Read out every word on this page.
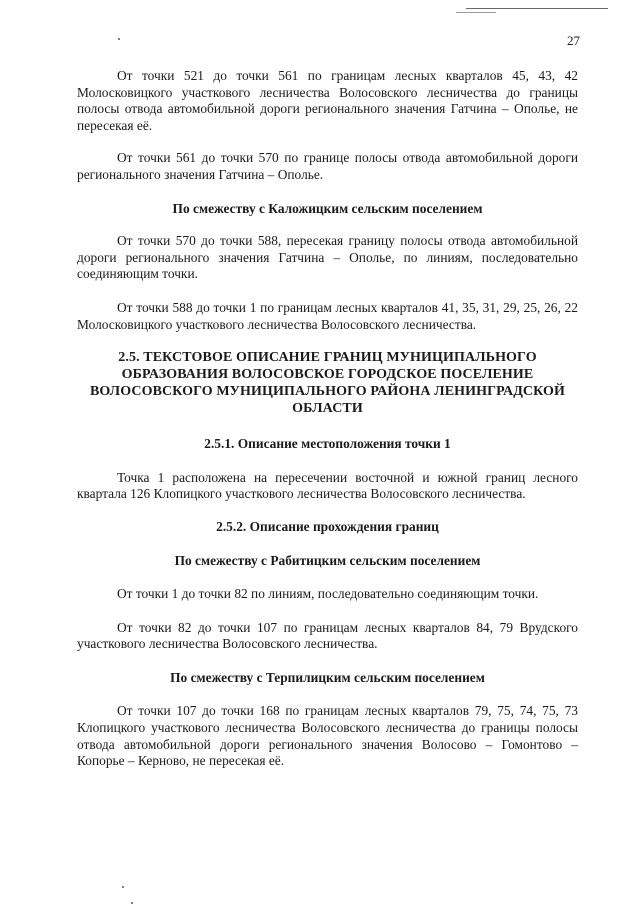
27

От точки 521 до точки 561 по границам лесных кварталов 45, 43, 42 Молосковицкого участкового лесничества Волосовского лесничества до границы полосы отвода автомобильной дороги регионального значения Гатчина – Ополье, не пересекая её.

От точки 561 до точки 570 по границе полосы отвода автомобильной дороги регионального значения Гатчина – Ополье.

По смежеству с Каложицким сельским поселением

От точки 570 до точки 588, пересекая границу полосы отвода автомобильной дороги регионального значения Гатчина – Ополье, по линиям, последовательно соединяющим точки.

От точки 588 до точки 1 по границам лесных кварталов 41, 35, 31, 29, 25, 26, 22 Молосковицкого участкового лесничества Волосовского лесничества.

2.5. ТЕКСТОВОЕ ОПИСАНИЕ ГРАНИЦ МУНИЦИПАЛЬНОГО ОБРАЗОВАНИЯ ВОЛОСОВСКОЕ ГОРОДСКОЕ ПОСЕЛЕНИЕ ВОЛОСОВСКОГО МУНИЦИПАЛЬНОГО РАЙОНА ЛЕНИНГРАДСКОЙ ОБЛАСТИ
2.5.1. Описание местоположения точки 1

Точка 1 расположена на пересечении восточной и южной границ лесного квартала 126 Клопицкого участкового лесничества Волосовского лесничества.

2.5.2. Описание прохождения границ
По смежеству с Рабитицким сельским поселением

От точки 1 до точки 82 по линиям, последовательно соединяющим точки.

От точки 82 до точки 107 по границам лесных кварталов 84, 79 Врудского участкового лесничества Волосовского лесничества.

По смежеству с Терпилицким сельским поселением

От точки 107 до точки 168 по границам лесных кварталов 79, 75, 74, 75, 73 Клопицкого участкового лесничества Волосовского лесничества до границы полосы отвода автомобильной дороги регионального значения Волосово – Гомонтово – Копорье – Керново, не пересекая её.
